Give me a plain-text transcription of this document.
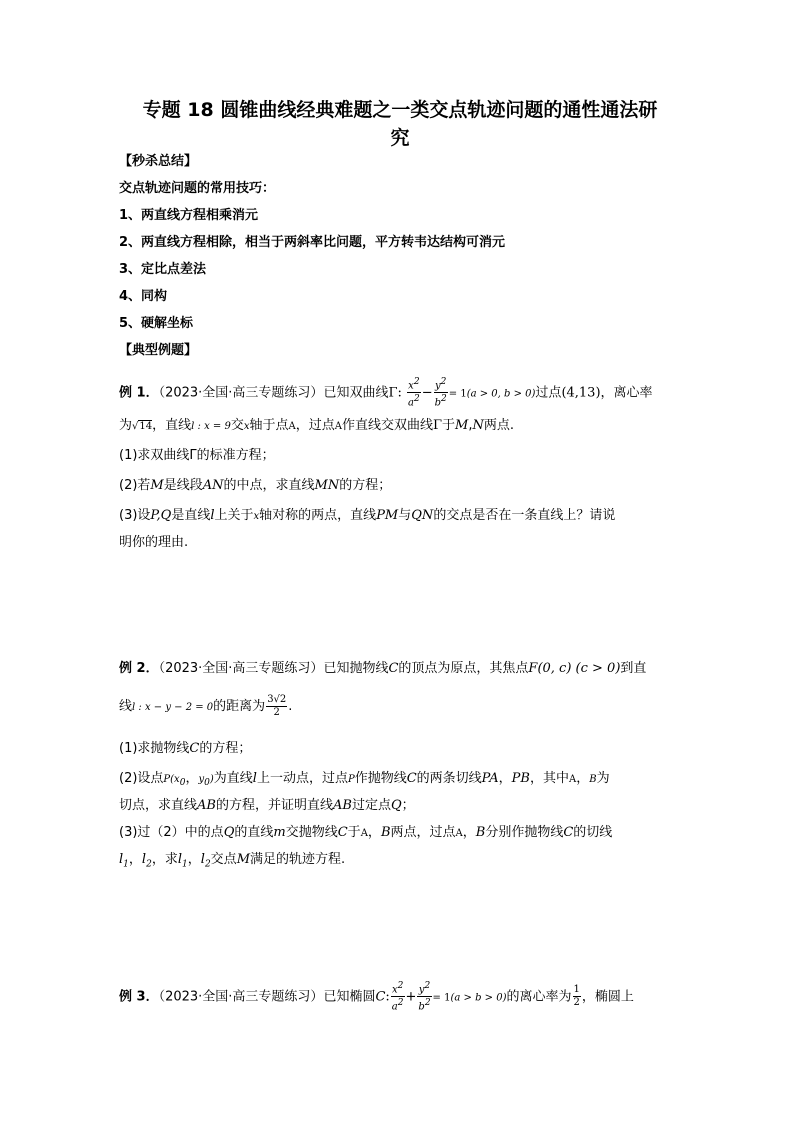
专题 18 圆锥曲线经典难题之一类交点轨迹问题的通性通法研
究
【秒杀总结】
交点轨迹问题的常用技巧：
1、两直线方程相乘消元
2、两直线方程相除，相当于两斜率比问题，平方转韦达结构可消元
3、定比点差法
4、同构
5、硬解坐标
【典型例题】
例 1．（2023·全国·高三专题练习）已知双曲线Γ: $\frac{x^2}{a^2} - \frac{y^2}{b^2} = 1(a > 0$, b > 0)过点(4,13)，离心率
为√14，直线l : x = 9交x轴于点A，过点A作直线交双曲线Γ于M,N两点.
(1)求双曲线Γ的标准方程；
(2)若M是线段AN的中点，求直线MN的方程；
(3)设P,Q是直线l上关于x轴对称的两点，直线PM与QN的交点是否在一条直线上？请说
明你的理由.
例 2．（2023·全国·高三专题练习）已知抛物线C的顶点为原点，其焦点F(0, c) (c > 0)到直
线l : x − y − 2 = 0的距离为 $\frac{3√2}{2}$ .
(1)求抛物线C的方程；
(2)设点$P(x_0$，$y_0$)为直线l上一动点，过点P作抛物线C的两条切线PA，PB，其中A，B为
切点，求直线AB的方程，并证明直线AB过定点Q；
(3)过（2）中的点Q的直线m交抛物线C于A，B两点，过点A，B分别作抛物线C的切线
$l_1$，$l_2$，求$l_1$，$l_2$交点M满足的轨迹方程.
例 3．（2023·全国·高三专题练习）已知椭圆C: $\frac{x^2}{a^2} + \frac{y^2}{b^2} = 1(a > b > 0)$的离心率为 $\frac{1}{2}$ ，椭圆上
